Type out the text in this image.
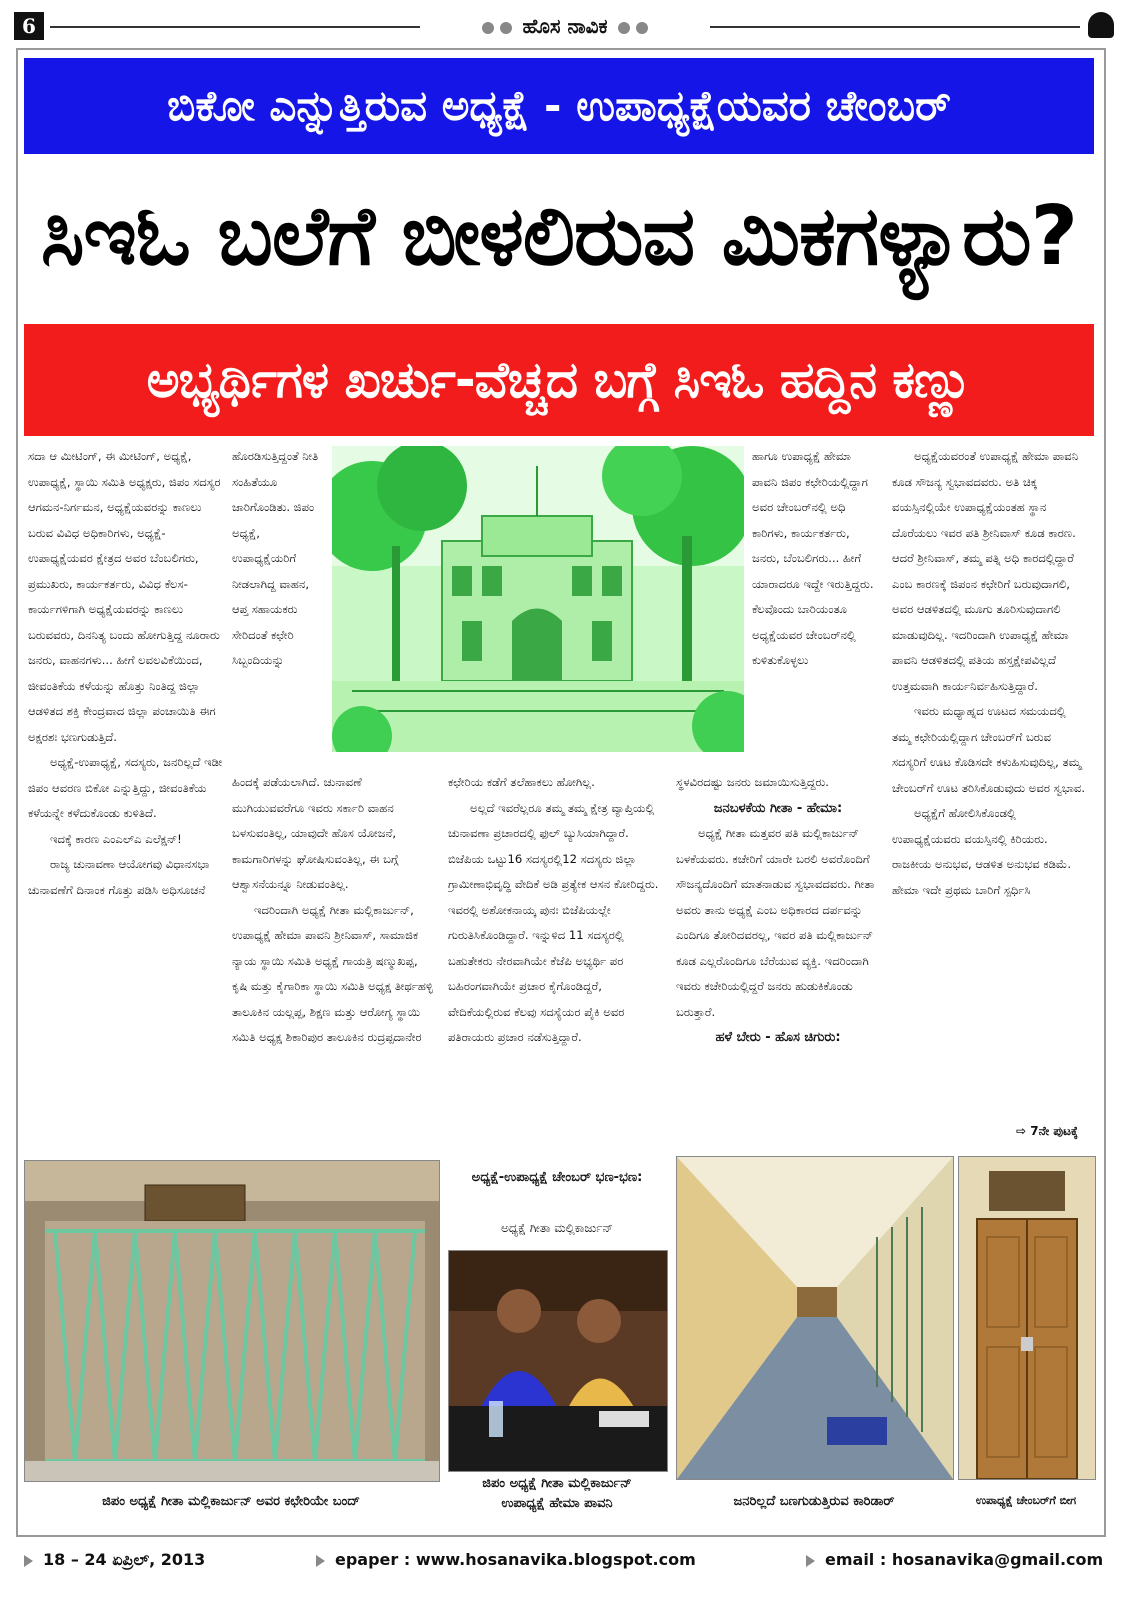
6	ಹೊಸ ನಾವಿಕ
ಬಿಕೋ ಎನ್ನುತ್ತಿರುವ ಅಧ್ಯಕ್ಷೆ - ಉಪಾಧ್ಯಕ್ಷೆಯವರ ಚೇಂಬರ್
ಸಿಇಓ ಬಲೆಗೆ ಬೀಳಲಿರುವ ಮಿಕಗಳ್ಯಾರು?
ಅಭ್ಯರ್ಥಿಗಳ ಖರ್ಚು-ವೆಚ್ಚದ ಬಗ್ಗೆ ಸಿಇಓ ಹದ್ದಿನ ಕಣ್ಣು

ಸದಾ ಆ ಮೀಟಿಂಗ್, ಈ ಮೀಟಿಂಗ್, ಅಧ್ಯಕ್ಷೆ, ಉಪಾಧ್ಯಕ್ಷೆ, ಸ್ಥಾಯಿ ಸಮಿತಿ ಅಧ್ಯಕ್ಷರು, ಜಿಪಂ ಸದಸ್ಯರ ಆಗಮನ-ನಿರ್ಗಮನ, ಅಧ್ಯಕ್ಷೆಯವರನ್ನು ಕಾಣಲು ಬರುವ ವಿವಿಧ ಅಧಿಕಾರಿಗಳು, ಅಧ್ಯಕ್ಷೆ-ಉಪಾಧ್ಯಕ್ಷೆಯವರ ಕ್ಷೇತ್ರದ ಅವರ ಬೆಂಬಲಿಗರು, ಪ್ರಮುಖರು, ಕಾರ್ಯಕರ್ತರು, ವಿವಿಧ ಕೆಲಸ-ಕಾರ್ಯಗಳಿಗಾಗಿ ಅಧ್ಯಕ್ಷೆಯವರನ್ನು ಕಾಣಲು ಬರುವವರು, ದಿನನಿತ್ಯ ಬಂದು ಹೋಗುತ್ತಿದ್ದ ನೂರಾರು ಜನರು, ವಾಹನಗಳು... ಹೀಗೆ ಲವಲವಿಕೆಯಿಂದ, ಜೀವಂತಿಕೆಯ ಕಳೆಯನ್ನು ಹೊತ್ತು ನಿಂತಿದ್ದ ಜಿಲ್ಲಾ ಆಡಳಿತದ ಶಕ್ತಿ ಕೇಂದ್ರವಾದ ಜಿಲ್ಲಾ ಪಂಚಾಯಿತಿ ಈಗ ಅಕ್ಷರಶಃ ಭಣಗುಡುತ್ತಿದೆ.

ಅಧ್ಯಕ್ಷೆ-ಉಪಾಧ್ಯಕ್ಷೆ, ಸದಸ್ಯರು, ಜನರಿಲ್ಲದೆ ಇಡೀ ಜಿಪಂ ಆವರಣ ಬಿಕೋ ಎನ್ನುತ್ತಿದ್ದು, ಜೀವಂತಿಕೆಯ ಕಳೆಯನ್ನೇ ಕಳೆದುಕೊಂಡು ಕುಳಿತಿದೆ.

ಇದಕ್ಕೆ ಕಾರಣ ಎಂಎಲ್‌ಎ ಎಲೆಕ್ಷನ್!

ರಾಜ್ಯ ಚುನಾವಣಾ ಆಯೋಗವು ವಿಧಾನಸಭಾ ಚುನಾವಣೆಗೆ ದಿನಾಂಕ ಗೊತ್ತು ಪಡಿಸಿ ಅಧಿಸೂಚನೆ

ಹೊರಡಿಸುತ್ತಿದ್ದಂತೆ ನೀತಿ ಸಂಹಿತೆಯೂ ಜಾರಿಗೊಂಡಿತು. ಜಿಪಂ ಅಧ್ಯಕ್ಷೆ, ಉಪಾಧ್ಯಕ್ಷೆಯರಿಗೆ ನೀಡಲಾಗಿದ್ದ ವಾಹನ, ಆಪ್ತ ಸಹಾಯಕರು ಸೇರಿದಂತೆ ಕಛೇರಿ ಸಿಬ್ಬಂದಿಯನ್ನು

ಹಿಂದಕ್ಕೆ ಪಡೆಯಲಾಗಿದೆ. ಚುನಾವಣೆ ಮುಗಿಯುವವರೆಗೂ ಇವರು ಸರ್ಕಾರಿ ವಾಹನ ಬಳಸುವಂತಿಲ್ಲ, ಯಾವುದೇ ಹೊಸ ಯೋಜನೆ, ಕಾಮಗಾರಿಗಳನ್ನು ಘೋಷಿಸುವಂತಿಲ್ಲ, ಈ ಬಗ್ಗೆ ಆಶ್ವಾಸನೆಯನ್ನೂ ನೀಡುವಂತಿಲ್ಲ.

ಇದರಿಂದಾಗಿ ಅಧ್ಯಕ್ಷೆ ಗೀತಾ ಮಲ್ಲಿಕಾರ್ಜುನ್, ಉಪಾಧ್ಯಕ್ಷೆ ಹೇಮಾ ಪಾವನಿ ಶ್ರೀನಿವಾಸ್, ಸಾಮಾಜಿಕ ನ್ಯಾಯ ಸ್ಥಾಯಿ ಸಮಿತಿ ಅಧ್ಯಕ್ಷೆ ಗಾಯತ್ರಿ ಷಣ್ಮುಖಪ್ಪ, ಕೃಷಿ ಮತ್ತು ಕೈಗಾರಿಕಾ ಸ್ಥಾಯಿ ಸಮಿತಿ ಅಧ್ಯಕ್ಷ ತೀರ್ಥಹಳ್ಳಿ ತಾಲೂಕಿನ ಯಲ್ಲಪ್ಪ, ಶಿಕ್ಷಣ ಮತ್ತು ಆರೋಗ್ಯ ಸ್ಥಾಯಿ ಸಮಿತಿ ಅಧ್ಯಕ್ಷ ಶಿಕಾರಿಪುರ ತಾಲೂಕಿನ ರುದ್ರಪ್ಪದಾನೇರ

ಕಛೇರಿಯ ಕಡೆಗೆ ತಲೆಹಾಕಲು ಹೋಗಿಲ್ಲ.

ಅಲ್ಲದೆ ಇವರೆಲ್ಲರೂ ತಮ್ಮ ತಮ್ಮ ಕ್ಷೇತ್ರ ವ್ಯಾಪ್ತಿಯಲ್ಲಿ ಚುನಾವಣಾ ಪ್ರಚಾರದಲ್ಲಿ ಫುಲ್ ಬ್ಯುಸಿಯಾಗಿದ್ದಾರೆ. ಬಿಜೆಪಿಯ ಒಟ್ಟು16 ಸದಸ್ಯರಲ್ಲಿ12 ಸದಸ್ಯರು ಜಿಲ್ಲಾ ಗ್ರಾಮೀಣಾಭಿವೃದ್ಧಿ ವೇದಿಕೆ ಅಡಿ ಪ್ರತ್ಯೇಕ ಆಸನ ಕೋರಿದ್ದರು. ಇವರಲ್ಲಿ ಅಶೋಕನಾಯ್ಕ ಪುನಃ ಬಿಜೆಪಿಯಲ್ಲೇ ಗುರುತಿಸಿಕೊಂಡಿದ್ದಾರೆ. ಇನ್ನುಳಿದ 11 ಸದಸ್ಯರಲ್ಲಿ ಬಹುತೇಕರು ನೇರವಾಗಿಯೇ ಕೆಜೆಪಿ ಅಭ್ಯರ್ಥಿ ಪರ ಬಹಿರಂಗವಾಗಿಯೇ ಪ್ರಚಾರ ಕೈಗೊಂಡಿದ್ದರೆ, ವೇದಿಕೆಯಲ್ಲಿರುವ ಕೆಲವು ಸದಸ್ಯೆಯರ ಪೈಕಿ ಅವರ ಪತಿರಾಯರು ಪ್ರಚಾರ ನಡೆಸುತ್ತಿದ್ದಾರೆ.

ಅಧ್ಯಕ್ಷೆ-ಉಪಾಧ್ಯಕ್ಷೆ ಚೇಂಬರ್ ಭಣ-ಭಣ:
ಅಧ್ಯಕ್ಷೆ ಗೀತಾ ಮಲ್ಲಿಕಾರ್ಜುನ್

ಹಾಗೂ ಉಪಾಧ್ಯಕ್ಷೆ ಹೇಮಾ ಪಾವನಿ ಜಿಪಂ ಕಛೇರಿಯಲ್ಲಿದ್ದಾಗ ಅವರ ಚೇಂಬರ್‌ನಲ್ಲಿ ಅಧಿ ಕಾರಿಗಳು, ಕಾರ್ಯಕರ್ತರು, ಜನರು, ಬೆಂಬಲಿಗರು... ಹೀಗೆ ಯಾರಾದರೂ ಇದ್ದೇ ಇರುತ್ತಿದ್ದರು. ಕೆಲವೊಂದು ಬಾರಿಯಂತೂ ಅಧ್ಯಕ್ಷೆಯವರ ಚೇಂಬರ್‌ನಲ್ಲಿ ಕುಳಿತುಕೊಳ್ಳಲು

ಸ್ಥಳವಿರದಷ್ಟು ಜನರು ಜಮಾಯಿಸುತ್ತಿದ್ದರು.

ಜನಬಳಕೆಯ ಗೀತಾ - ಹೇಮಾ:

ಅಧ್ಯಕ್ಷೆ ಗೀತಾ ಮತ್ತವರ ಪತಿ ಮಲ್ಲಿಕಾರ್ಜುನ್ ಬಳಕೆಯವರು. ಕಚೇರಿಗೆ ಯಾರೇ ಬರಲಿ ಅವರೊಂದಿಗೆ ಸೌಜನ್ಯದೊಂದಿಗೆ ಮಾತನಾಡುವ ಸ್ವಭಾವದವರು. ಗೀತಾ ಅವರು ತಾನು ಅಧ್ಯಕ್ಷೆ ಎಂಬ ಅಧಿಕಾರದ ದರ್ಪವನ್ನು ಎಂದಿಗೂ ತೋರಿದವರಲ್ಲ, ಇವರ ಪತಿ ಮಲ್ಲಿಕಾರ್ಜುನ್ ಕೂಡ ಎಲ್ಲರೊಂದಿಗೂ ಬೆರೆಯುವ ವ್ಯಕ್ತಿ. ಇದರಿಂದಾಗಿ ಇವರು ಕಚೇರಿಯಲ್ಲಿದ್ದರೆ ಜನರು ಹುಡುಕಿಕೊಂಡು ಬರುತ್ತಾರೆ.

ಹಳೆ ಬೇರು - ಹೊಸ ಚಿಗುರು:

ಅಧ್ಯಕ್ಷೆಯವರಂತೆ ಉಪಾಧ್ಯಕ್ಷೆ ಹೇಮಾ ಪಾವನಿ ಕೂಡ ಸೌಜನ್ಯ ಸ್ವಭಾವದವರು. ಅತಿ ಚಿಕ್ಕ ವಯಸ್ಸಿನಲ್ಲಿಯೇ ಉಪಾಧ್ಯಕ್ಷೆಯಂತಹ ಸ್ಥಾನ ದೊರೆಯಲು ಇವರ ಪತಿ ಶ್ರೀನಿವಾಸ್ ಕೂಡ ಕಾರಣ. ಆದರೆ ಶ್ರೀನಿವಾಸ್, ತಮ್ಮ ಪತ್ನಿ ಅಧಿ ಕಾರದಲ್ಲಿದ್ದಾರೆ ಎಂಬ ಕಾರಣಕ್ಕೆ ಜಿಪಂನ ಕಛೇರಿಗೆ ಬರುವುದಾಗಲಿ, ಅವರ ಆಡಳಿತದಲ್ಲಿ ಮೂಗು ತೂರಿಸುವುದಾಗಲಿ ಮಾಡುವುದಿಲ್ಲ. ಇದರಿಂದಾಗಿ ಉಪಾಧ್ಯಕ್ಷೆ ಹೇಮಾ ಪಾವನಿ ಆಡಳಿತದಲ್ಲಿ ಪತಿಯ ಹಸ್ತಕ್ಷೇಪವಿಲ್ಲದೆ ಉತ್ತಮವಾಗಿ ಕಾರ್ಯನಿರ್ವಹಿಸುತ್ತಿದ್ದಾರೆ.

ಇವರು ಮಧ್ಯಾಹ್ನದ ಊಟದ ಸಮಯದಲ್ಲಿ ತಮ್ಮ ಕಛೇರಿಯಲ್ಲಿದ್ದಾಗ ಚೇಂಬರ್‌ಗೆ ಬರುವ ಸದಸ್ಯರಿಗೆ ಊಟ ಕೊಡಿಸದೇ ಕಳುಹಿಸುವುದಿಲ್ಲ, ತಮ್ಮ ಚೇಂಬರ್‌ಗೆ ಊಟ ತರಿಸಿಕೊಡುವುದು ಅವರ ಸ್ವಭಾವ.

ಅಧ್ಯಕ್ಷೆಗೆ ಹೋಲಿಸಿಕೊಂಡಲ್ಲಿ ಉಪಾಧ್ಯಕ್ಷೆಯವರು ವಯಸ್ಸಿನಲ್ಲಿ ಕಿರಿಯರು. ರಾಜಕೀಯ ಅನುಭವ, ಆಡಳಿತ ಅನುಭವ ಕಡಿಮೆ. ಹೇಮಾ ಇದೇ ಪ್ರಥಮ ಬಾರಿಗೆ ಸ್ಪರ್ಧಿಸಿ

⇨ 7ನೇ ಪುಟಕ್ಕೆ
ಜಿಪಂ ಅಧ್ಯಕ್ಷೆ ಗೀತಾ ಮಲ್ಲಿಕಾರ್ಜುನ್ ಅವರ ಕಛೇರಿಯೇ ಬಂದ್
ಜಿಪಂ ಅಧ್ಯಕ್ಷೆ ಗೀತಾ ಮಲ್ಲಿಕಾರ್ಜುನ್
ಉಪಾಧ್ಯಕ್ಷೆ ಹೇಮಾ ಪಾವನಿ	ಜನರಿಲ್ಲದೆ ಬಣಗುಡುತ್ತಿರುವ ಕಾರಿಡಾರ್	ಉಪಾಧ್ಯಕ್ಷೆ ಚೇಂಬರ್‌ಗೆ ಬೀಗ
18 – 24 ಏಪ್ರಿಲ್, 2013	epaper : www.hosanavika.blogspot.com	email : hosanavika@gmail.com
